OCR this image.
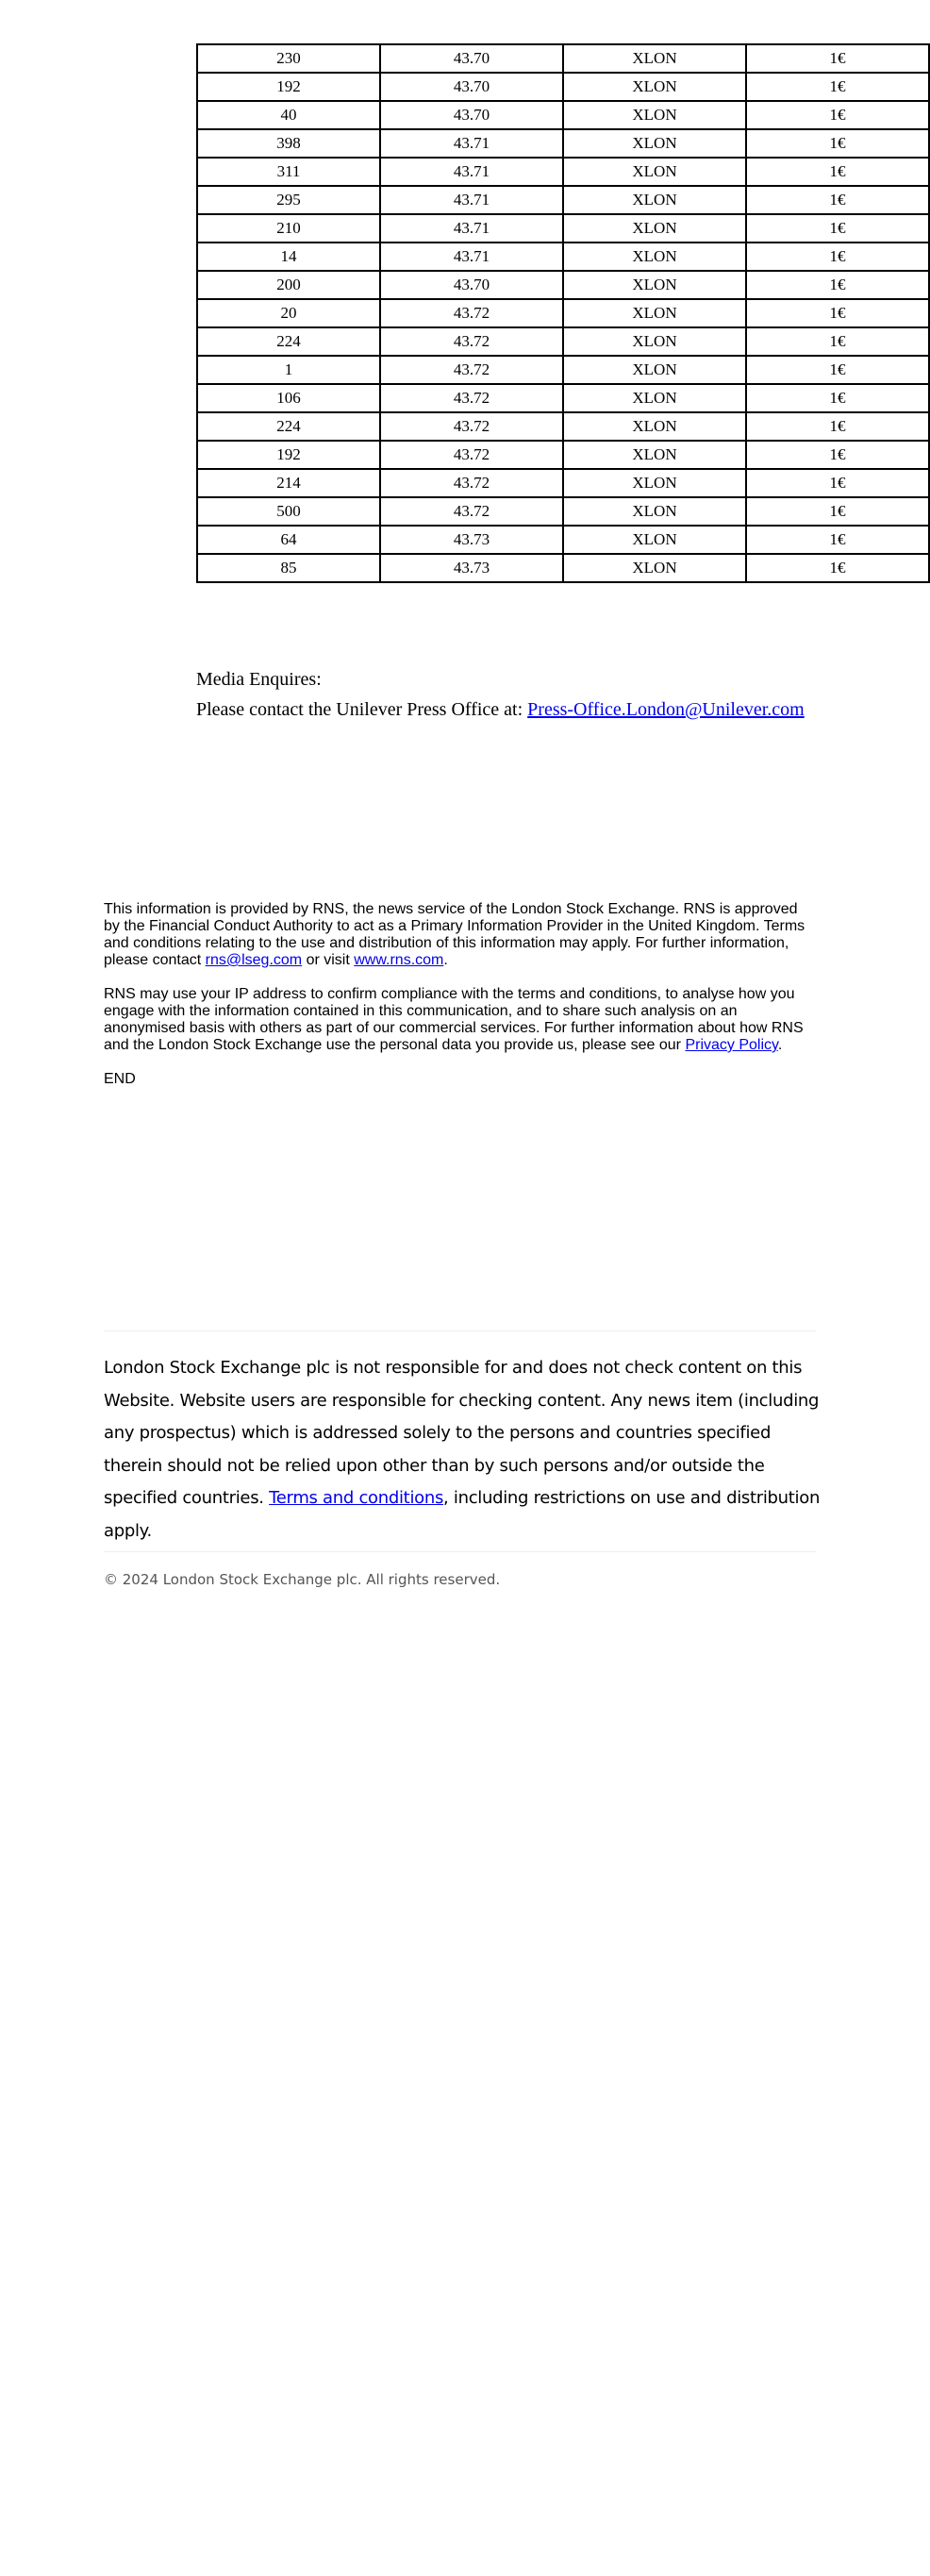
230	43.70	XLON	1€
192	43.70	XLON	1€
40	43.70	XLON	1€
398	43.71	XLON	1€
311	43.71	XLON	1€
295	43.71	XLON	1€
210	43.71	XLON	1€
14	43.71	XLON	1€
200	43.70	XLON	1€
20	43.72	XLON	1€
224	43.72	XLON	1€
1	43.72	XLON	1€
106	43.72	XLON	1€
224	43.72	XLON	1€
192	43.72	XLON	1€
214	43.72	XLON	1€
500	43.72	XLON	1€
64	43.73	XLON	1€
85	43.73	XLON	1€

Media Enquires:

Please contact the Unilever Press Office at: Press-Office.London@Unilever.com

This information is provided by RNS, the news service of the London Stock Exchange. RNS is approved by the Financial Conduct Authority to act as a Primary Information Provider in the United Kingdom. Terms and conditions relating to the use and distribution of this information may apply. For further information, please contact rns@lseg.com or visit www.rns.com.

RNS may use your IP address to confirm compliance with the terms and conditions, to analyse how you engage with the information contained in this communication, and to share such analysis on an anonymised basis with others as part of our commercial services. For further information about how RNS and the London Stock Exchange use the personal data you provide us, please see our Privacy Policy.

END

London Stock Exchange plc is not responsible for and does not check content on this Website. Website users are responsible for checking content. Any news item (including any prospectus) which is addressed solely to the persons and countries specified therein should not be relied upon other than by such persons and/or outside the specified countries. Terms and conditions, including restrictions on use and distribution apply.
© 2024 London Stock Exchange plc. All rights reserved.
